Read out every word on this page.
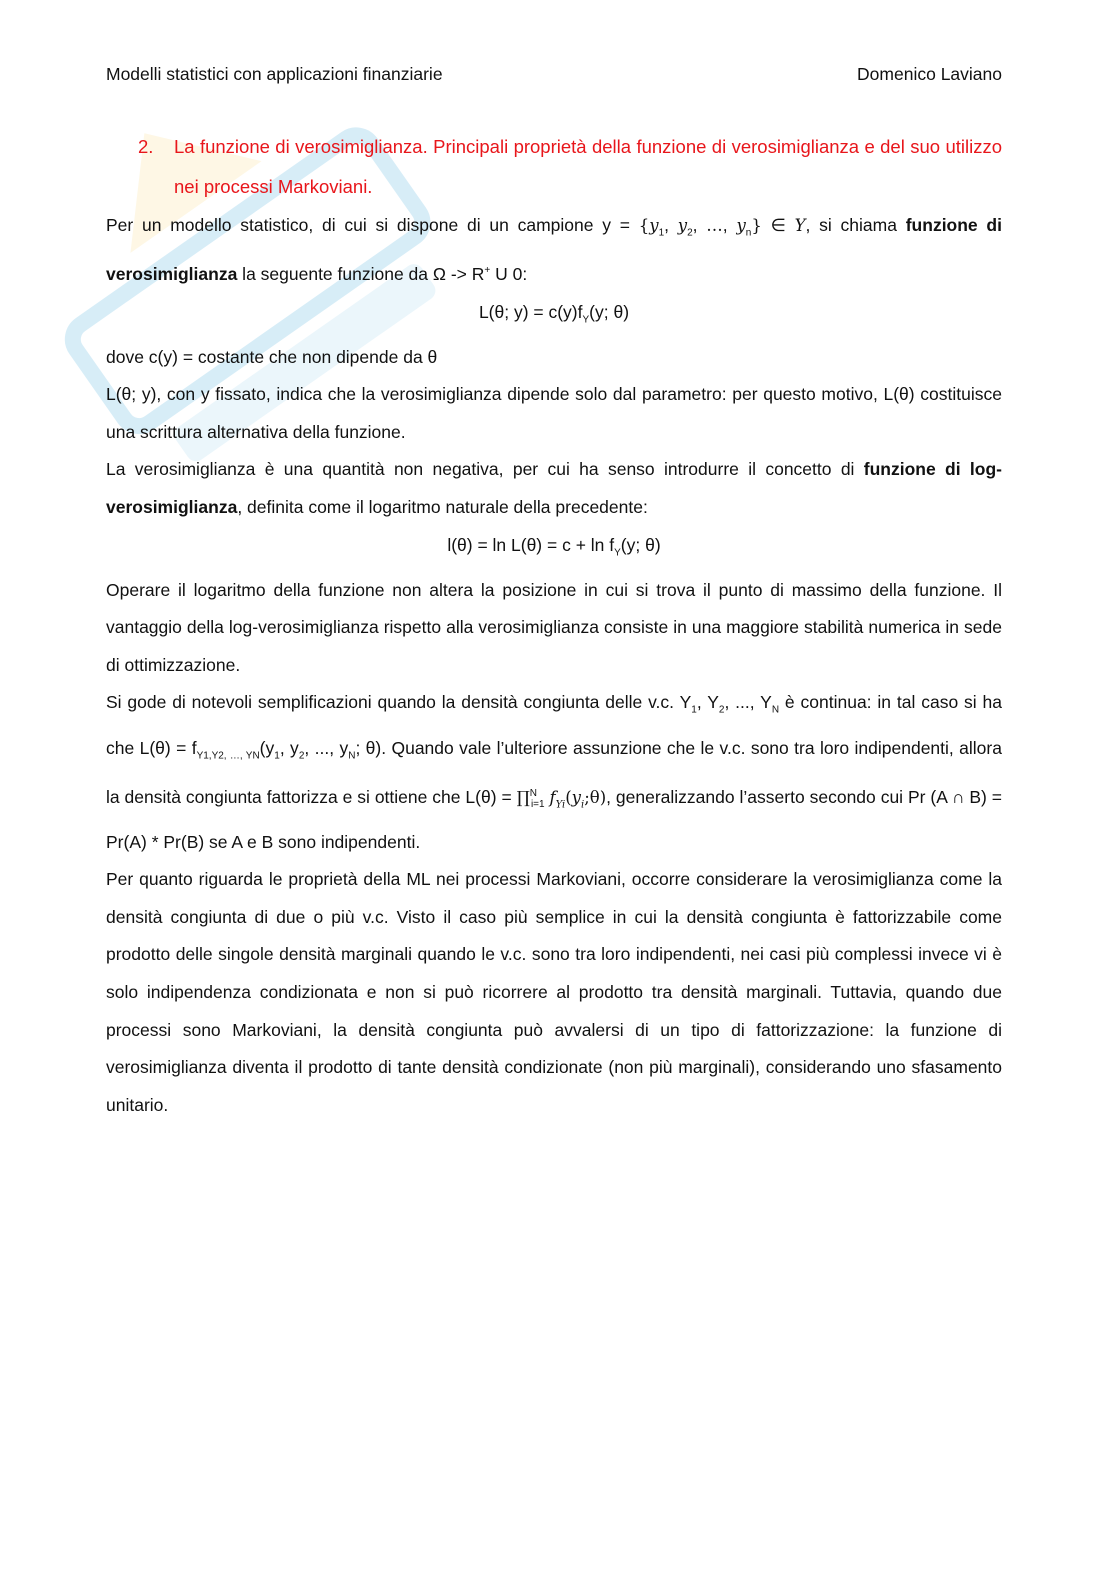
Modelli statistici con applicazioni finanziarie	Domenico Laviano
2.	La funzione di verosimiglianza. Principali proprietà della funzione di verosimiglianza e del suo utilizzo nei processi Markoviani.

Per un modello statistico, di cui si dispone di un campione $y = \{y_1$, $y_2$, …, $y_n$} ∈ Y, si chiama funzione di verosimiglianza la seguente funzione da Ω -> R+ U 0:

L(θ; $y) = c(y)f_Y(y$; θ)

dove c(y) = costante che non dipende da θ

L(θ; y), con y fissato, indica che la verosimiglianza dipende solo dal parametro: per questo motivo, L(θ) costituisce una scrittura alternativa della funzione.

La verosimiglianza è una quantità non negativa, per cui ha senso introdurre il concetto di funzione di log-verosimiglianza, definita come il logaritmo naturale della precedente:

$l(\theta) = \ln L(\theta) = c + \ln f_Y(y$; θ)

Operare il logaritmo della funzione non altera la posizione in cui si trova il punto di massimo della funzione. Il vantaggio della log-verosimiglianza rispetto alla verosimiglianza consiste in una maggiore stabilità numerica in sede di ottimizzazione.

Si gode di notevoli semplificazioni quando la densità congiunta delle v.c. $Y_1$, $Y_2$, ..., $Y_N$ è continua: in tal caso si ha che $L(\theta) = f_{Y1,Y2, \dots, YN}(y_1$, $y_2$, ..., $y_N$; θ). Quando vale l’ulteriore assunzione che le v.c. sono tra loro indipendenti, allora la densità congiunta fattorizza e si ottiene che L(θ) = ∏$^N_{i=1}$ $f_{Yi}(y_i;\theta)$, generalizzando l’asserto secondo cui Pr (A ∩ B) = Pr(A) * Pr(B) se A e B sono indipendenti.

Per quanto riguarda le proprietà della ML nei processi Markoviani, occorre considerare la verosimiglianza come la densità congiunta di due o più v.c. Visto il caso più semplice in cui la densità congiunta è fattorizzabile come prodotto delle singole densità marginali quando le v.c. sono tra loro indipendenti, nei casi più complessi invece vi è solo indipendenza condizionata e non si può ricorrere al prodotto tra densità marginali. Tuttavia, quando due processi sono Markoviani, la densità congiunta può avvalersi di un tipo di fattorizzazione: la funzione di verosimiglianza diventa il prodotto di tante densità condizionate (non più marginali), considerando uno sfasamento unitario.
